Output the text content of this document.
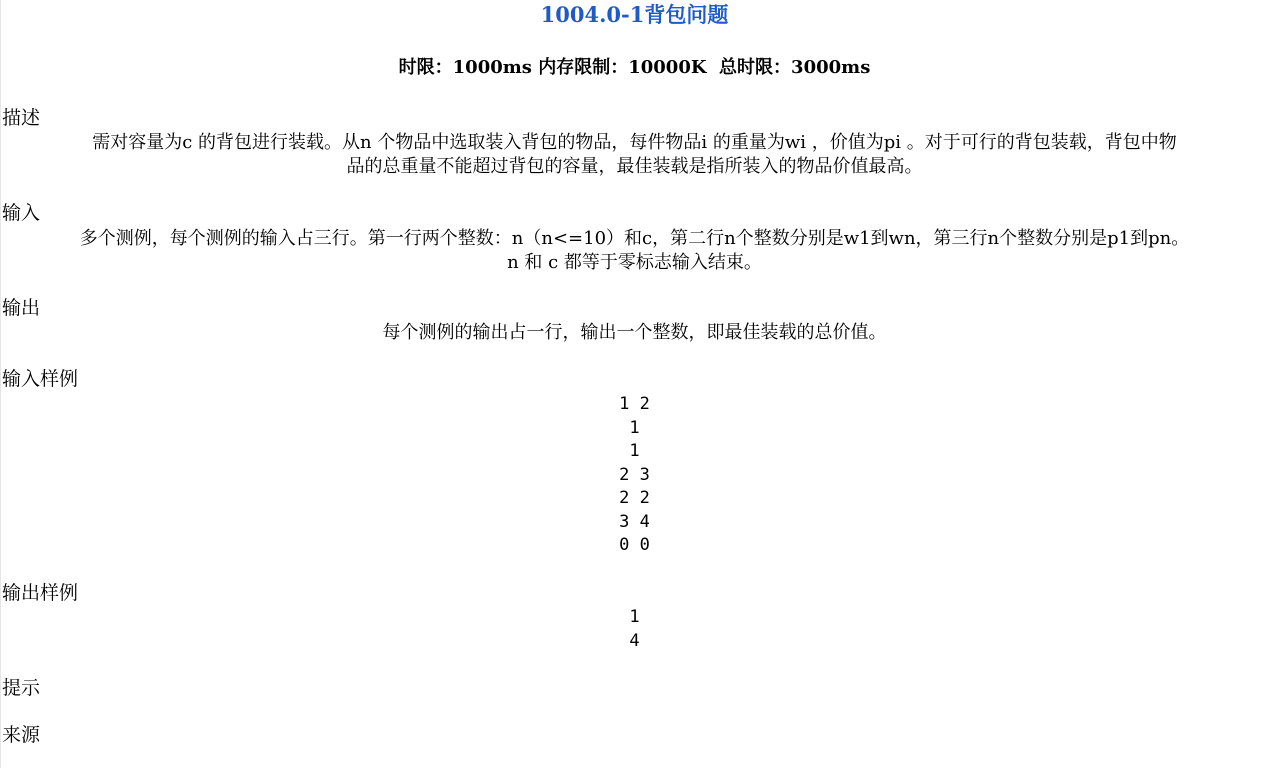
1004.0-1背包问题
时限：1000ms 内存限制：10000K 总时限：3000ms
描述

需对容量为c 的背包进行装载。从n 个物品中选取装入背包的物品，每件物品i 的重量为wi ，价值为pi 。对于可行的背包装载，背包中物

品的总重量不能超过背包的容量，最佳装载是指所装入的物品价值最高。

输入

多个测例，每个测例的输入占三行。第一行两个整数：n（n<=10）和c，第二行n个整数分别是w1到wn，第三行n个整数分别是p1到pn。

n 和 c 都等于零标志输入结束。

输出

每个测例的输出占一行，输出一个整数，即最佳装载的总价值。

输入样例
1 2
1
1
2 3
2 2
3 4
0 0
输出样例
1
4
提示
来源
